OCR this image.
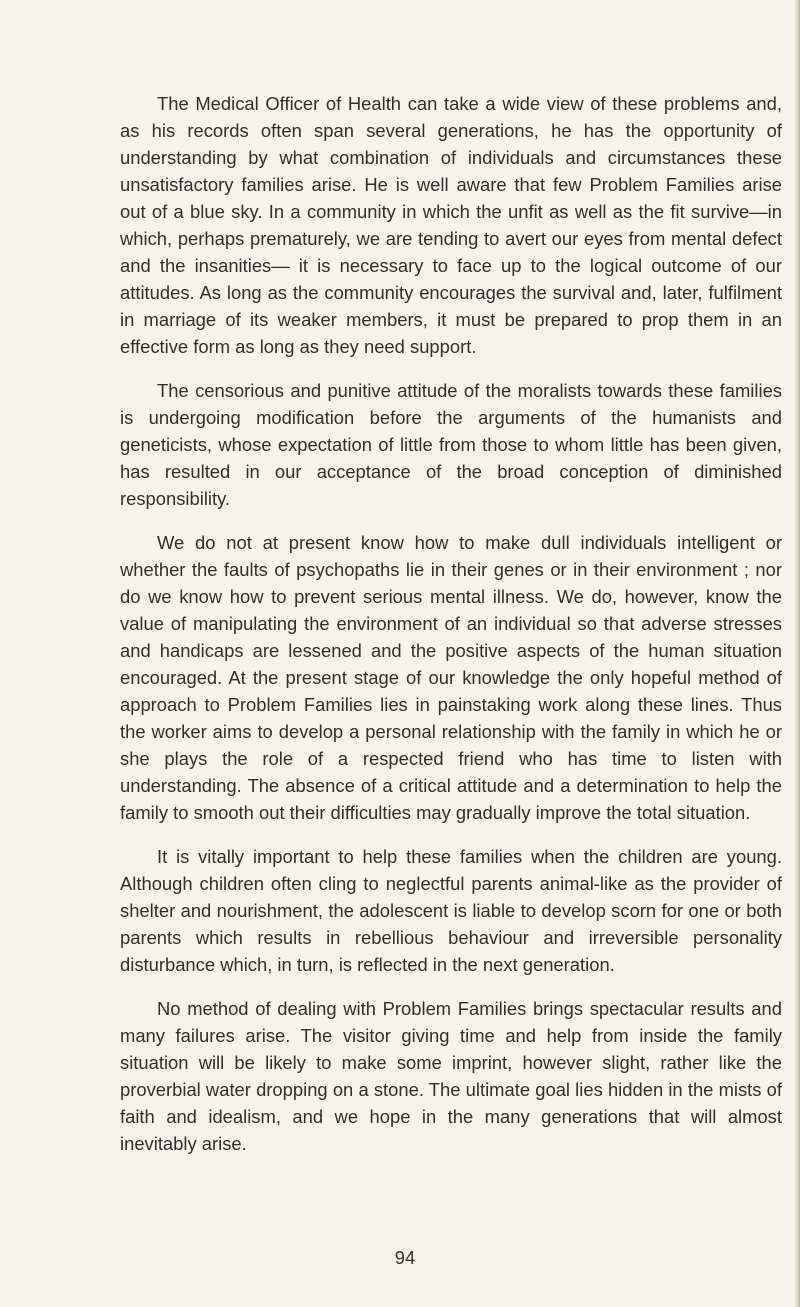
The Medical Officer of Health can take a wide view of these problems and, as his records often span several generations, he has the opportunity of understanding by what combination of individuals and circumstances these unsatisfactory families arise. He is well aware that few Problem Families arise out of a blue sky. In a community in which the unfit as well as the fit survive—in which, perhaps prematurely, we are tending to avert our eyes from mental defect and the insanities— it is necessary to face up to the logical outcome of our attitudes. As long as the community encourages the survival and, later, fulfilment in marriage of its weaker members, it must be prepared to prop them in an effective form as long as they need support.

The censorious and punitive attitude of the moralists towards these families is undergoing modification before the arguments of the humanists and geneticists, whose expectation of little from those to whom little has been given, has resulted in our acceptance of the broad conception of diminished responsibility.

We do not at present know how to make dull individuals intelligent or whether the faults of psychopaths lie in their genes or in their environment ; nor do we know how to prevent serious mental illness. We do, however, know the value of manipulating the environment of an individual so that adverse stresses and handicaps are lessened and the positive aspects of the human situation encouraged. At the present stage of our knowledge the only hopeful method of approach to Problem Families lies in painstaking work along these lines. Thus the worker aims to develop a personal relationship with the family in which he or she plays the role of a respected friend who has time to listen with understanding. The absence of a critical attitude and a determination to help the family to smooth out their difficulties may gradually improve the total situation.

It is vitally important to help these families when the children are young. Although children often cling to neglectful parents animal-like as the provider of shelter and nourishment, the adolescent is liable to develop scorn for one or both parents which results in rebellious behaviour and irreversible personality disturbance which, in turn, is reflected in the next generation.

No method of dealing with Problem Families brings spectacular results and many failures arise. The visitor giving time and help from inside the family situation will be likely to make some imprint, however slight, rather like the proverbial water dropping on a stone. The ultimate goal lies hidden in the mists of faith and idealism, and we hope in the many generations that will almost inevitably arise.

94
